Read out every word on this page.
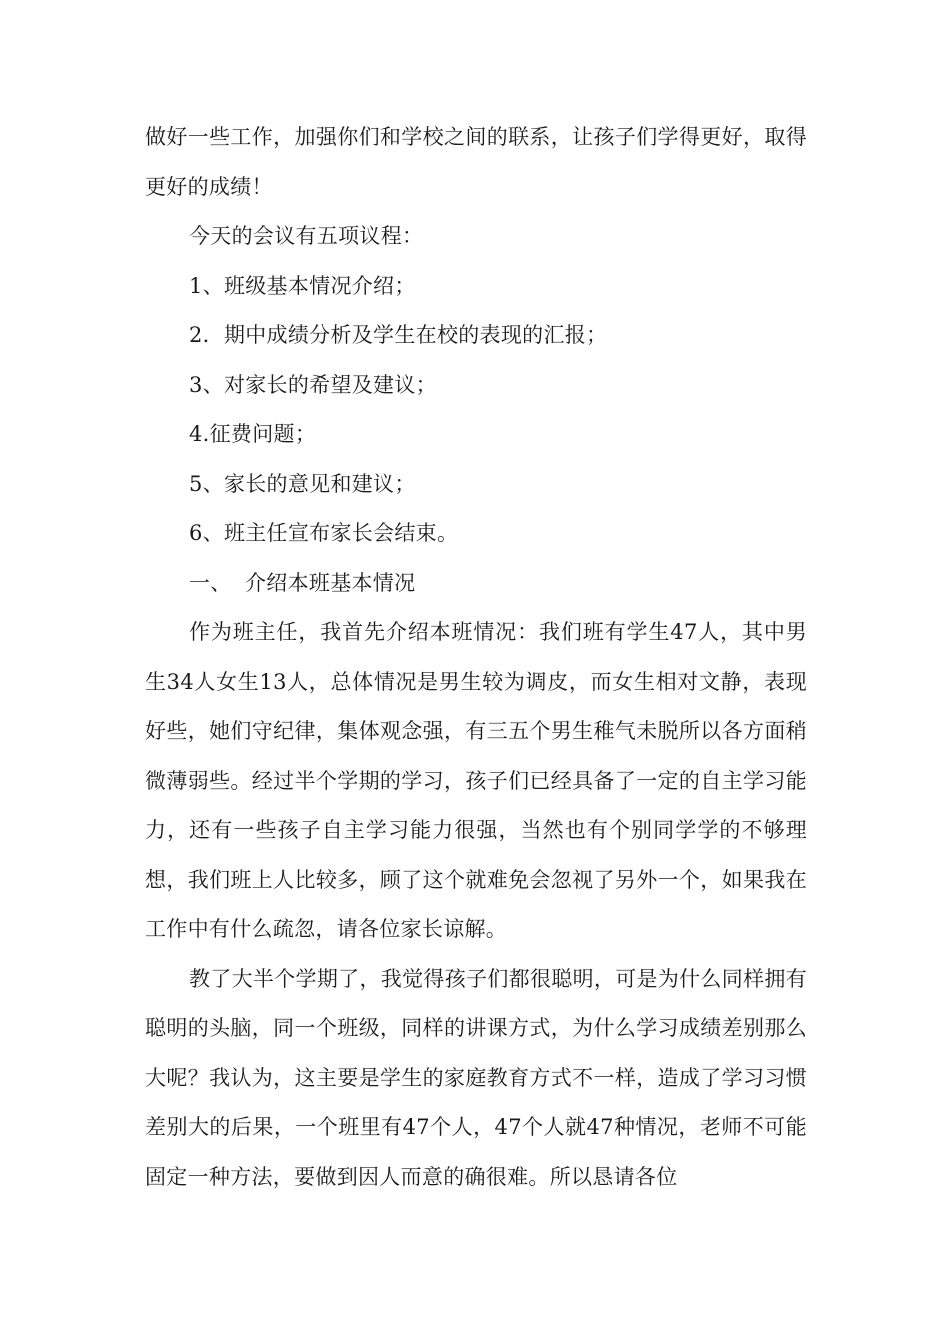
做好一些工作，加强你们和学校之间的联系，让孩子们学得更好，取得更好的成绩！

今天的会议有五项议程：

1、班级基本情况介绍；

2．期中成绩分析及学生在校的表现的汇报；

3、对家长的希望及建议；

4.征费问题；

5、家长的意见和建议；

6、班主任宣布家长会结束。

一、 介绍本班基本情况

作为班主任，我首先介绍本班情况：我们班有学生47人，其中男生34人女生13人，总体情况是男生较为调皮，而女生相对文静，表现好些，她们守纪律，集体观念强，有三五个男生稚气未脱所以各方面稍微薄弱些。经过半个学期的学习，孩子们已经具备了一定的自主学习能力，还有一些孩子自主学习能力很强，当然也有个别同学学的不够理想，我们班上人比较多，顾了这个就难免会忽视了另外一个，如果我在工作中有什么疏忽，请各位家长谅解。

教了大半个学期了，我觉得孩子们都很聪明，可是为什么同样拥有聪明的头脑，同一个班级，同样的讲课方式，为什么学习成绩差别那么大呢？我认为，这主要是学生的家庭教育方式不一样，造成了学习习惯差别大的后果，一个班里有47个人，47个人就47种情况，老师不可能固定一种方法，要做到因人而意的确很难。所以恳请各位
